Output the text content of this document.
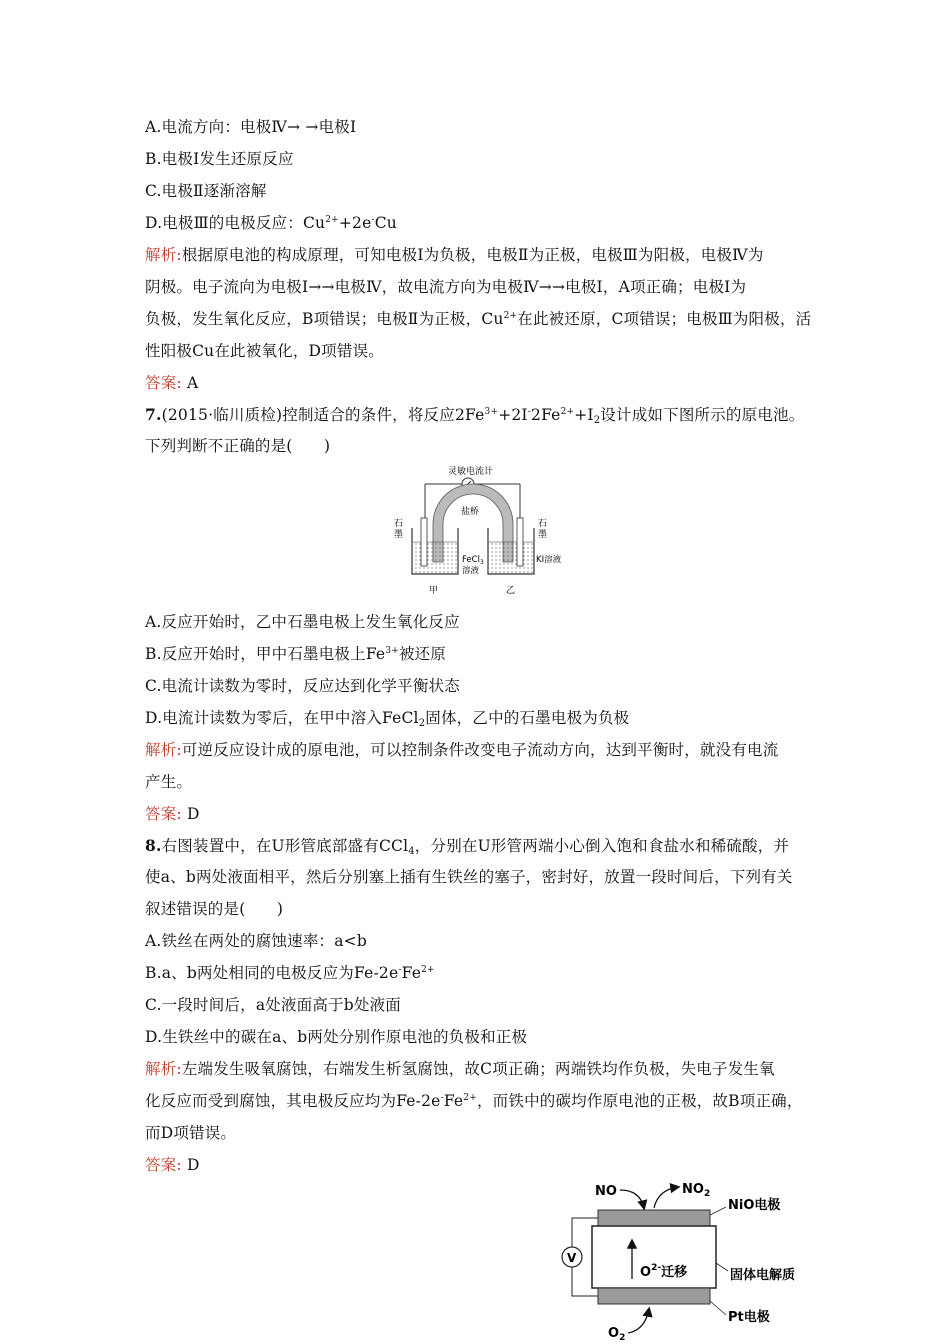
A.电流方向：电极Ⅳ→ →电极Ⅰ
B.电极Ⅰ发生还原反应
C.电极Ⅱ逐渐溶解
D.电极Ⅲ的电极反应：$Cu^{2+}+2e^-Cu$
解析:根据原电池的构成原理，可知电极Ⅰ为负极，电极Ⅱ为正极，电极Ⅲ为阳极，电极Ⅳ为
阴极。电子流向为电极Ⅰ→→电极Ⅳ，故电流方向为电极Ⅳ→→电极Ⅰ，A项正确；电极Ⅰ为
负极，发生氧化反应，B项错误；电极Ⅱ为正极，$Cu^{2+}$在此被还原，C项错误；电极Ⅲ为阳极，活
性阳极Cu在此被氧化，D项错误。
答案: A
7.(2015·临川质检)控制适合的条件，将反应$2Fe^{3+}+2I^-2Fe^{2+}+I_2$设计成如下图所示的原电池。
下列判断不正确的是(　　)
灵敏电流计
盐桥
石
墨
石
墨
FeCl$_3$
溶液
KI溶液
甲	乙
A.反应开始时，乙中石墨电极上发生氧化反应
B.反应开始时，甲中石墨电极上$Fe^{3+}$被还原
C.电流计读数为零时，反应达到化学平衡状态
D.电流计读数为零后，在甲中溶入FeCl$_2$固体，乙中的石墨电极为负极
解析:可逆反应设计成的原电池，可以控制条件改变电子流动方向，达到平衡时，就没有电流
产生。
答案: D
8.右图装置中，在U形管底部盛有CCl$_4$，分别在U形管两端小心倒入饱和食盐水和稀硫酸，并
使a、b两处液面相平，然后分别塞上插有生铁丝的塞子，密封好，放置一段时间后，下列有关
叙述错误的是(　　)
A.铁丝在两处的腐蚀速率：a<b
B.a、b两处相同的电极反应为$Fe-2e^-Fe^{2+}$
C.一段时间后，a处液面高于b处液面
D.生铁丝中的碳在a、b两处分别作原电池的负极和正极
解析:左端发生吸氧腐蚀，右端发生析氢腐蚀，故C项正确；两端铁均作负极，失电子发生氧
化反应而受到腐蚀，其电极反应均为$Fe-2e^-Fe^{2+}$，而铁中的碳均作原电池的正极，故B项正确，
而D项错误。
答案: D
V
NO	$NO_2$
NiO电极
$O^{2-}$迁移	固体电解质
Pt电极
$O_2$
